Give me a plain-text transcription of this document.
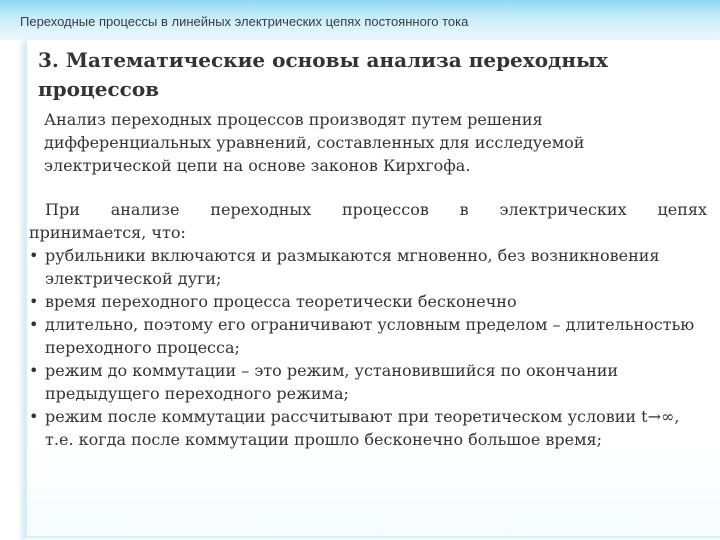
Переходные процессы в линейных электрических цепях постоянного тока
3. Математические основы анализа переходных процессов
Анализ переходных процессов производят путем решения дифференциальных уравнений, составленных для исследуемой электрической цепи на основе законов Кирхгофа.

При анализе переходных процессов в электрических цепях

принимается, что:

• рубильники включаются и размыкаются мгновенно, без возникновения электрической дуги;
• время переходного процесса теоретически бесконечно
• длительно, поэтому его ограничивают условным пределом – длительностью переходного процесса;
• режим до коммутации – это режим, установившийся по окончании предыдущего переходного режима;
• режим после коммутации рассчитывают при теоретическом условии t→∞, т.е. когда после коммутации прошло бесконечно большое время;
